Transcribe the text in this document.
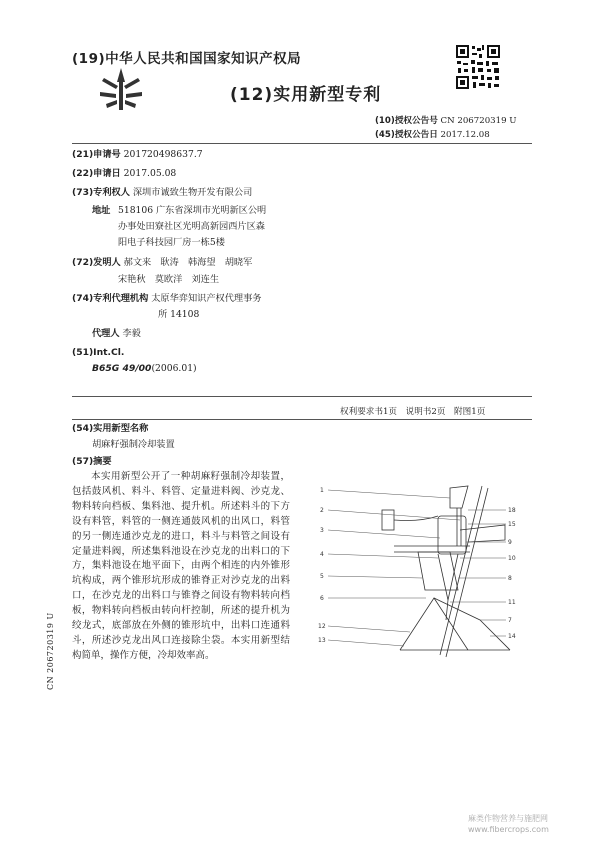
(19)中华人民共和国国家知识产权局
(12)实用新型专利
(10)授权公告号 CN 206720319 U
(45)授权公告日 2017.12.08
(21)申请号 201720498637.7
(22)申请日 2017.05.08
(73)专利权人 深圳市诚致生物开发有限公司
地址 518106 广东省深圳市光明新区公明
办事处田寮社区光明高新园西片区森
阳电子科技园厂房一栋5楼
(72)发明人 郝文来　耿涛　韩海望　胡晓军
宋艳秋　莫欧洋　刘连生
(74)专利代理机构 太原华弈知识产权代理事务
所 14108
代理人 李毅
(51)Int.Cl.
B65G 49/00(2006.01)
权利要求书1页　说明书2页　附图1页
(54)实用新型名称
胡麻籽强制冷却装置
(57)摘要
本实用新型公开了一种胡麻籽强制冷却装置，包括鼓风机、料斗、料管、定量进料阀、沙克龙、物料转向档板、集料池、提升机。所述料斗的下方设有料管，料管的一侧连通鼓风机的出风口，料管的另一侧连通沙克龙的进口，料斗与料管之间设有定量进料阀，所述集料池设在沙克龙的出料口的下方，集料池设在地平面下，由两个相连的内外锥形坑构成，两个锥形坑形成的锥脊正对沙克龙的出料口，在沙克龙的出料口与锥脊之间设有物料转向档板，物料转向档板由转向杆控制，所述的提升机为绞龙式，底部放在外侧的锥形坑中，出料口连通料斗，所述沙克龙出风口连接除尘袋。本实用新型结构简单，操作方便，冷却效率高。
CN 206720319 U
1
2
3
4
5
6
12
13
18
15
9
10
8
11
7
14
麻类作物营养与施肥网
www.fibercrops.com
